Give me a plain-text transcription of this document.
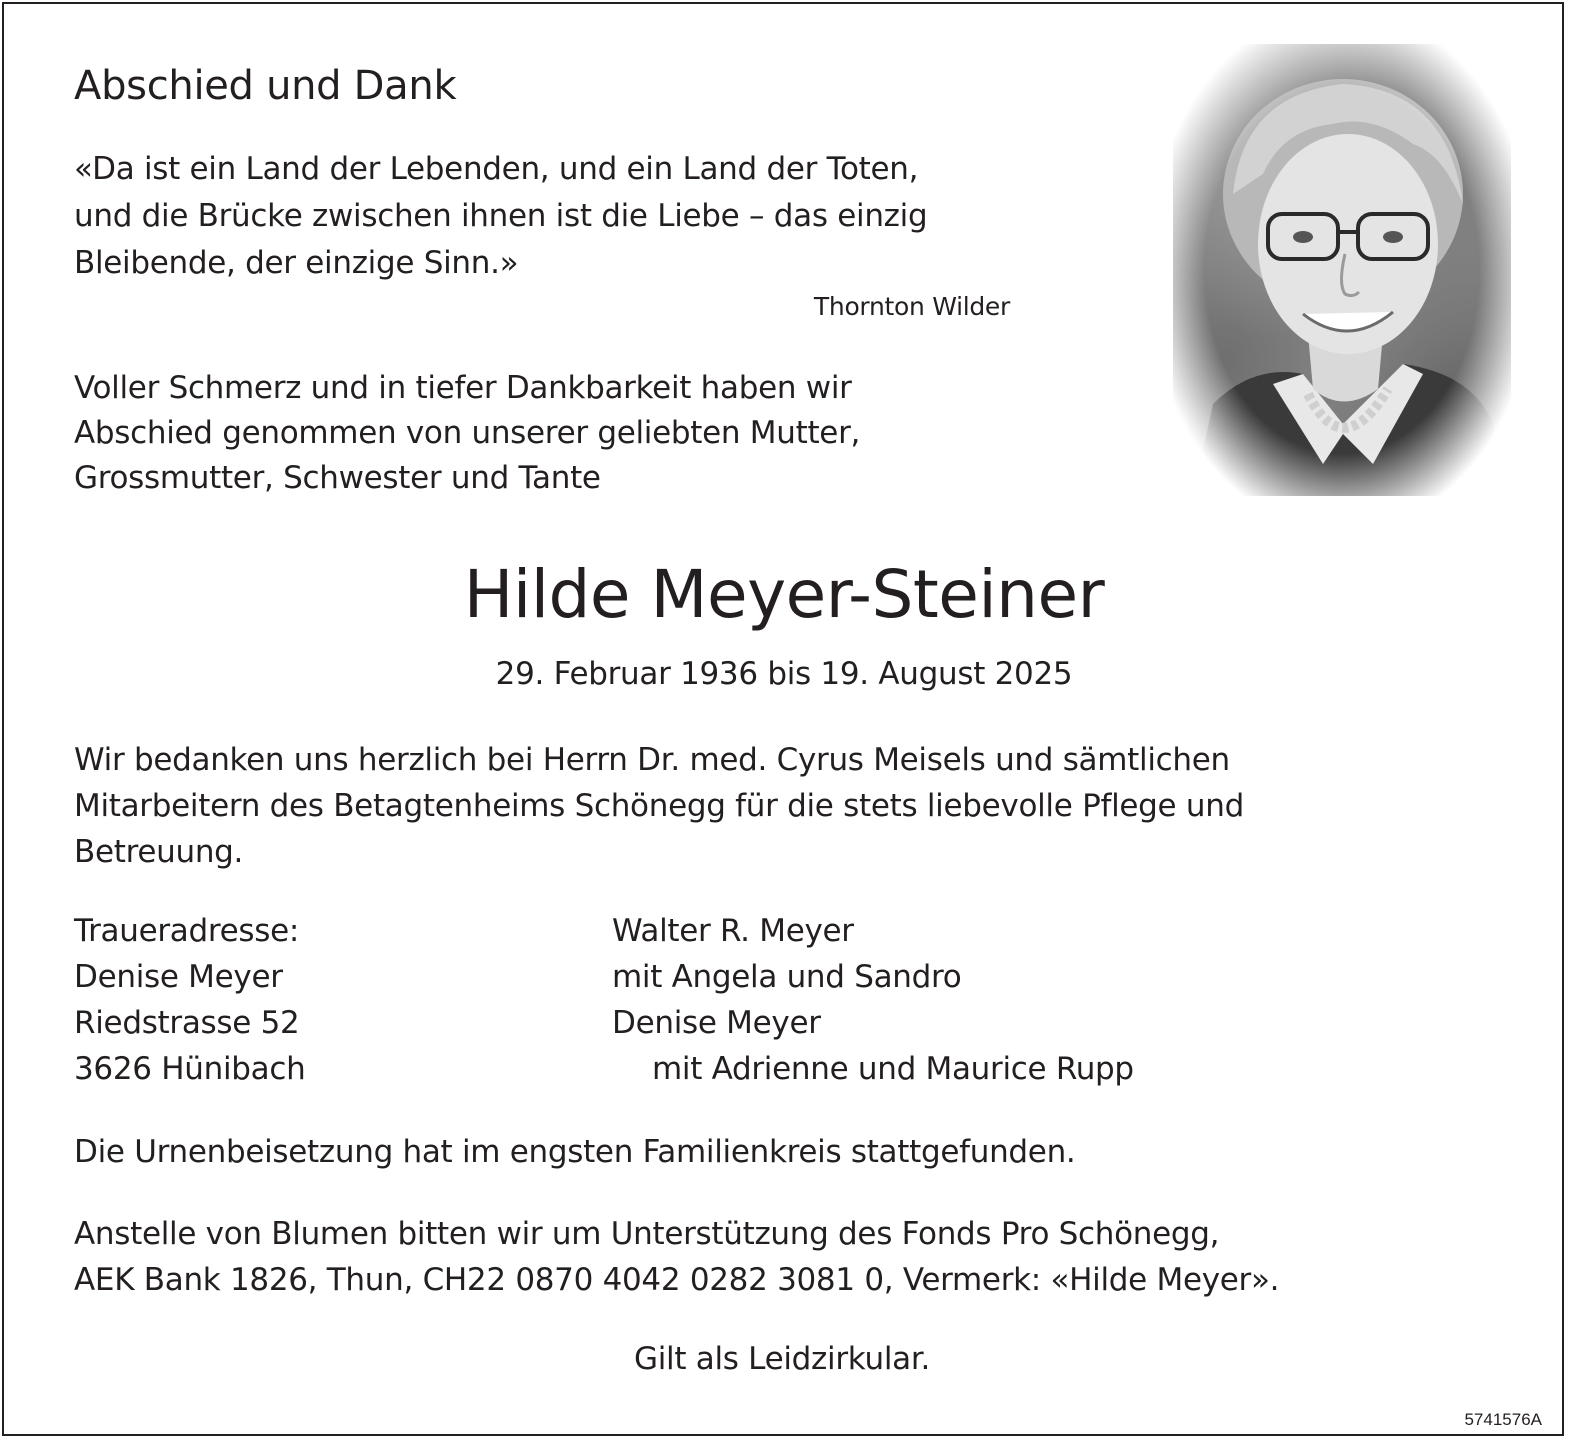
Abschied und Dank

«Da ist ein Land der Lebenden, und ein Land der Toten,
und die Brücke zwischen ihnen ist die Liebe – das einzig
Bleibende, der einzige Sinn.»

Thornton Wilder

Voller Schmerz und in tiefer Dankbarkeit haben wir
Abschied genommen von unserer geliebten Mutter,
Grossmutter, Schwester und Tante

Hilde Meyer-Steiner

29. Februar 1936 bis 19. August 2025

Wir bedanken uns herzlich bei Herrn Dr. med. Cyrus Meisels und sämtlichen
Mitarbeitern des Betagtenheims Schönegg für die stets liebevolle Pflege und
Betreuung.
Traueradresse:
Denise Meyer
Riedstrasse 52
3626 Hünibach
Walter R. Meyer
mit Angela und Sandro
Denise Meyer
mit Adrienne und Maurice Rupp

Die Urnenbeisetzung hat im engsten Familienkreis stattgefunden.

Anstelle von Blumen bitten wir um Unterstützung des Fonds Pro Schönegg,
AEK Bank 1826, Thun, CH22 0870 4042 0282 3081 0, Vermerk: «Hilde Meyer».

Gilt als Leidzirkular.

5741576A
